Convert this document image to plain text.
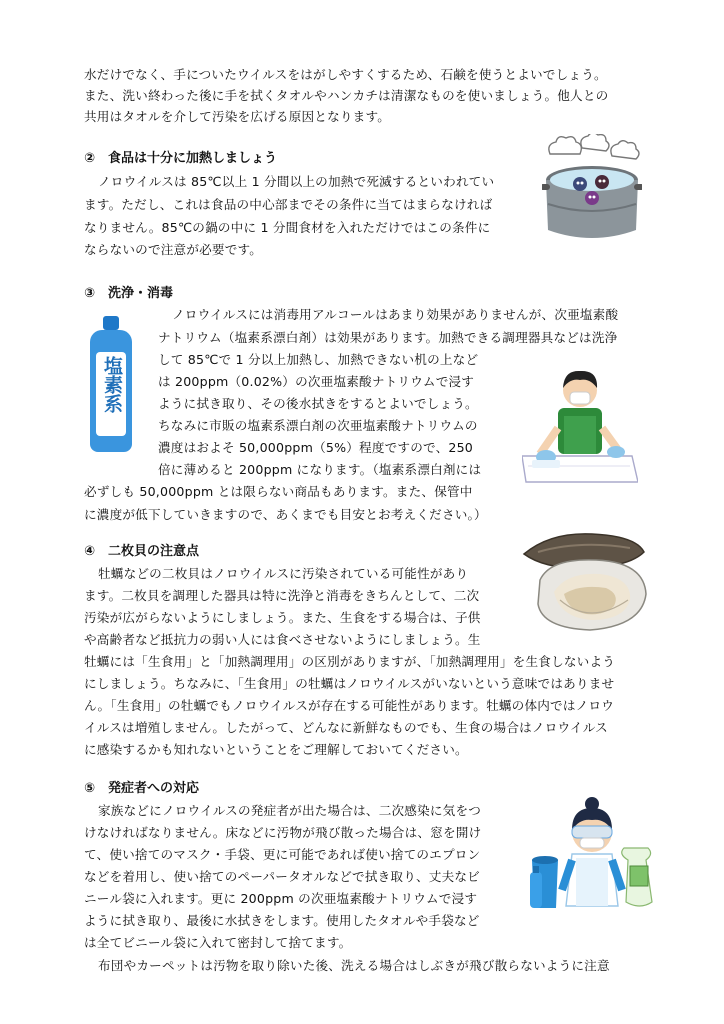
水だけでなく、手についたウイルスをはがしやすくするため、石鹸を使うとよいでしょう。
また、洗い終わった後に手を拭くタオルやハンカチは清潔なものを使いましょう。他人との
共用はタオルを介して汚染を広げる原因となります。
②　食品は十分に加熱しましょう
ノロウイルスは 85℃以上 1 分間以上の加熱で死滅するといわれてい
ます。ただし、これは食品の中心部までその条件に当てはまらなければ
なりません。85℃の鍋の中に 1 分間食材を入れただけではこの条件に
ならないので注意が必要です。
③　洗浄・消毒
ノロウイルスには消毒用アルコールはあまり効果がありませんが、次亜塩素酸
ナトリウム（塩素系漂白剤）は効果があります。加熱できる調理器具などは洗浄
して 85℃で 1 分以上加熱し、加熱できない机の上など
は 200ppm（0.02%）の次亜塩素酸ナトリウムで浸す
ように拭き取り、その後水拭きをするとよいでしょう。
ちなみに市販の塩素系漂白剤の次亜塩素酸ナトリウムの
濃度はおよそ 50,000ppm（5%）程度ですので、250
倍に薄めると 200ppm になります。（塩素系漂白剤には
必ずしも 50,000ppm とは限らない商品もあります。また、保管中
に濃度が低下していきますので、あくまでも目安とお考えください。）
塩素系
④　二枚貝の注意点
牡蠣などの二枚貝はノロウイルスに汚染されている可能性があり
ます。二枚貝を調理した器具は特に洗浄と消毒をきちんとして、二次
汚染が広がらないようにしましょう。また、生食をする場合は、子供
や高齢者など抵抗力の弱い人には食べさせないようにしましょう。生
牡蠣には「生食用」と「加熱調理用」の区別がありますが、「加熱調理用」を生食しないよう
にしましょう。ちなみに、「生食用」の牡蠣はノロウイルスがいないという意味ではありませ
ん。「生食用」の牡蠣でもノロウイルスが存在する可能性があります。牡蠣の体内ではノロウ
イルスは増殖しません。したがって、どんなに新鮮なものでも、生食の場合はノロウイルス
に感染するかも知れないということをご理解しておいてください。
⑤　発症者への対応
家族などにノロウイルスの発症者が出た場合は、二次感染に気をつ
けなければなりません。床などに汚物が飛び散った場合は、窓を開け
て、使い捨てのマスク・手袋、更に可能であれば使い捨てのエプロン
などを着用し、使い捨てのペーパータオルなどで拭き取り、丈夫なビ
ニール袋に入れます。更に 200ppm の次亜塩素酸ナトリウムで浸す
ように拭き取り、最後に水拭きをします。使用したタオルや手袋など
は全てビニール袋に入れて密封して捨てます。
布団やカーペットは汚物を取り除いた後、洗える場合はしぶきが飛び散らないように注意
